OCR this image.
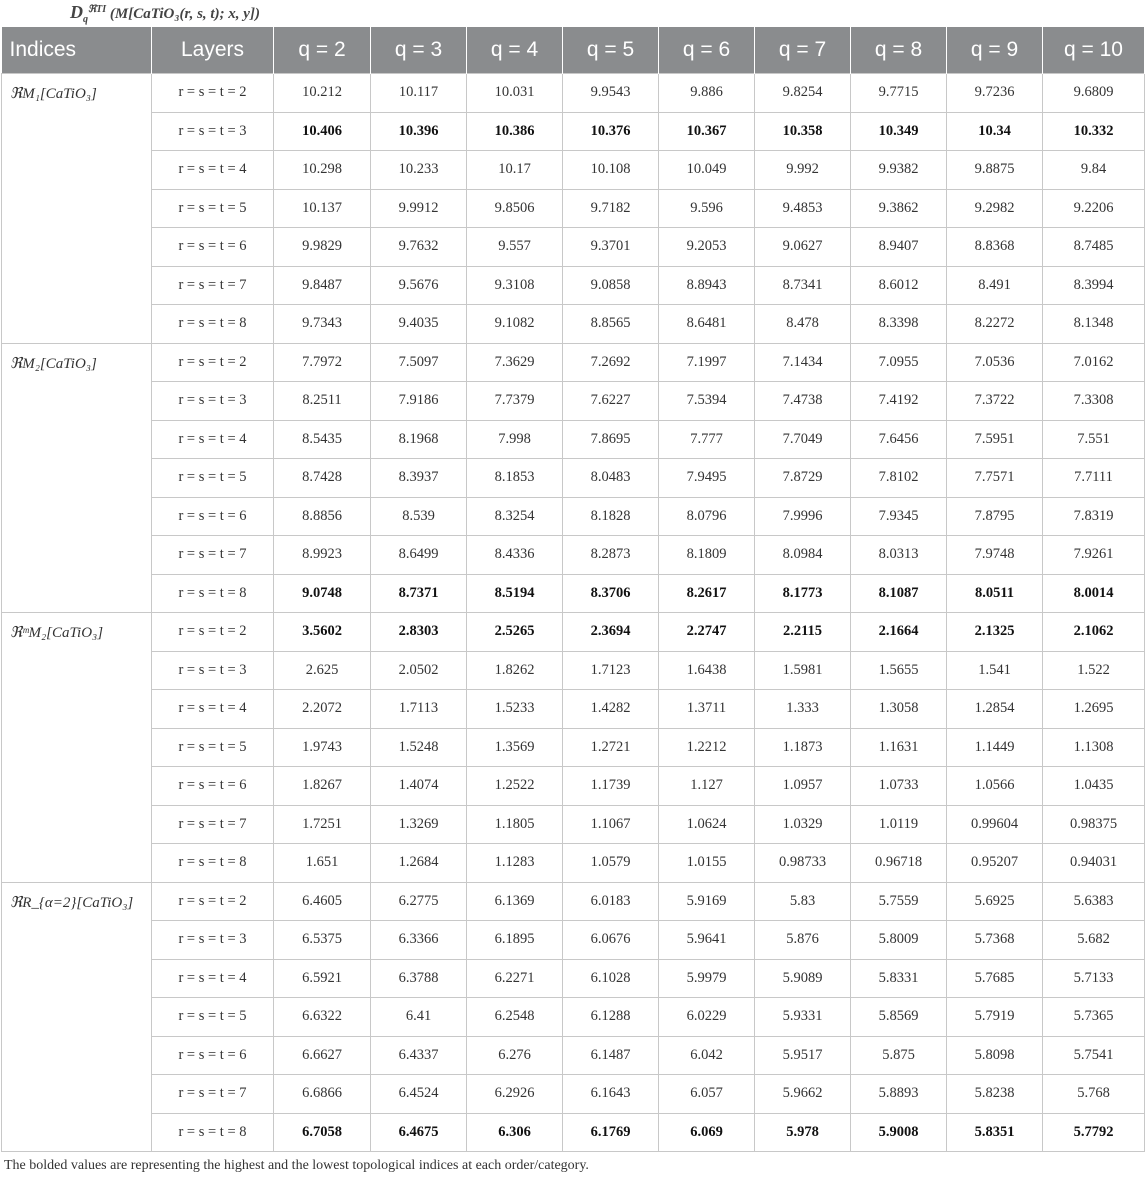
$D_q^{ℜTI}$ (M[CaTiO₃(r, s, t); x, y])
Indices	Layers	q = 2	q = 3	q = 4	q = 5	q = 6	q = 7	q = 8	q = 9	q = 10
ℜM₁[CaTiO₃]	r = s = t = 2	10.212	10.117	10.031	9.9543	9.886	9.8254	9.7715	9.7236	9.6809
	r = s = t = 3	10.406	10.396	10.386	10.376	10.367	10.358	10.349	10.34	10.332
	r = s = t = 4	10.298	10.233	10.17	10.108	10.049	9.992	9.9382	9.8875	9.84
	r = s = t = 5	10.137	9.9912	9.8506	9.7182	9.596	9.4853	9.3862	9.2982	9.2206
	r = s = t = 6	9.9829	9.7632	9.557	9.3701	9.2053	9.0627	8.9407	8.8368	8.7485
	r = s = t = 7	9.8487	9.5676	9.3108	9.0858	8.8943	8.7341	8.6012	8.491	8.3994
	r = s = t = 8	9.7343	9.4035	9.1082	8.8565	8.6481	8.478	8.3398	8.2272	8.1348
ℜM₂[CaTiO₃]	r = s = t = 2	7.7972	7.5097	7.3629	7.2692	7.1997	7.1434	7.0955	7.0536	7.0162
	r = s = t = 3	8.2511	7.9186	7.7379	7.6227	7.5394	7.4738	7.4192	7.3722	7.3308
	r = s = t = 4	8.5435	8.1968	7.998	7.8695	7.777	7.7049	7.6456	7.5951	7.551
	r = s = t = 5	8.7428	8.3937	8.1853	8.0483	7.9495	7.8729	7.8102	7.7571	7.7111
	r = s = t = 6	8.8856	8.539	8.3254	8.1828	8.0796	7.9996	7.9345	7.8795	7.8319
	r = s = t = 7	8.9923	8.6499	8.4336	8.2873	8.1809	8.0984	8.0313	7.9748	7.9261
	r = s = t = 8	9.0748	8.7371	8.5194	8.3706	8.2617	8.1773	8.1087	8.0511	8.0014
ℜᵐM₂[CaTiO₃]	r = s = t = 2	3.5602	2.8303	2.5265	2.3694	2.2747	2.2115	2.1664	2.1325	2.1062
	r = s = t = 3	2.625	2.0502	1.8262	1.7123	1.6438	1.5981	1.5655	1.541	1.522
	r = s = t = 4	2.2072	1.7113	1.5233	1.4282	1.3711	1.333	1.3058	1.2854	1.2695
	r = s = t = 5	1.9743	1.5248	1.3569	1.2721	1.2212	1.1873	1.1631	1.1449	1.1308
	r = s = t = 6	1.8267	1.4074	1.2522	1.1739	1.127	1.0957	1.0733	1.0566	1.0435
	r = s = t = 7	1.7251	1.3269	1.1805	1.1067	1.0624	1.0329	1.0119	0.99604	0.98375
	r = s = t = 8	1.651	1.2684	1.1283	1.0579	1.0155	0.98733	0.96718	0.95207	0.94031
ℜR_{α=2}[CaTiO₃]	r = s = t = 2	6.4605	6.2775	6.1369	6.0183	5.9169	5.83	5.7559	5.6925	5.6383
	r = s = t = 3	6.5375	6.3366	6.1895	6.0676	5.9641	5.876	5.8009	5.7368	5.682
	r = s = t = 4	6.5921	6.3788	6.2271	6.1028	5.9979	5.9089	5.8331	5.7685	5.7133
	r = s = t = 5	6.6322	6.41	6.2548	6.1288	6.0229	5.9331	5.8569	5.7919	5.7365
	r = s = t = 6	6.6627	6.4337	6.276	6.1487	6.042	5.9517	5.875	5.8098	5.7541
	r = s = t = 7	6.6866	6.4524	6.2926	6.1643	6.057	5.9662	5.8893	5.8238	5.768
	r = s = t = 8	6.7058	6.4675	6.306	6.1769	6.069	5.978	5.9008	5.8351	5.7792
The bolded values are representing the highest and the lowest topological indices at each order/category.
